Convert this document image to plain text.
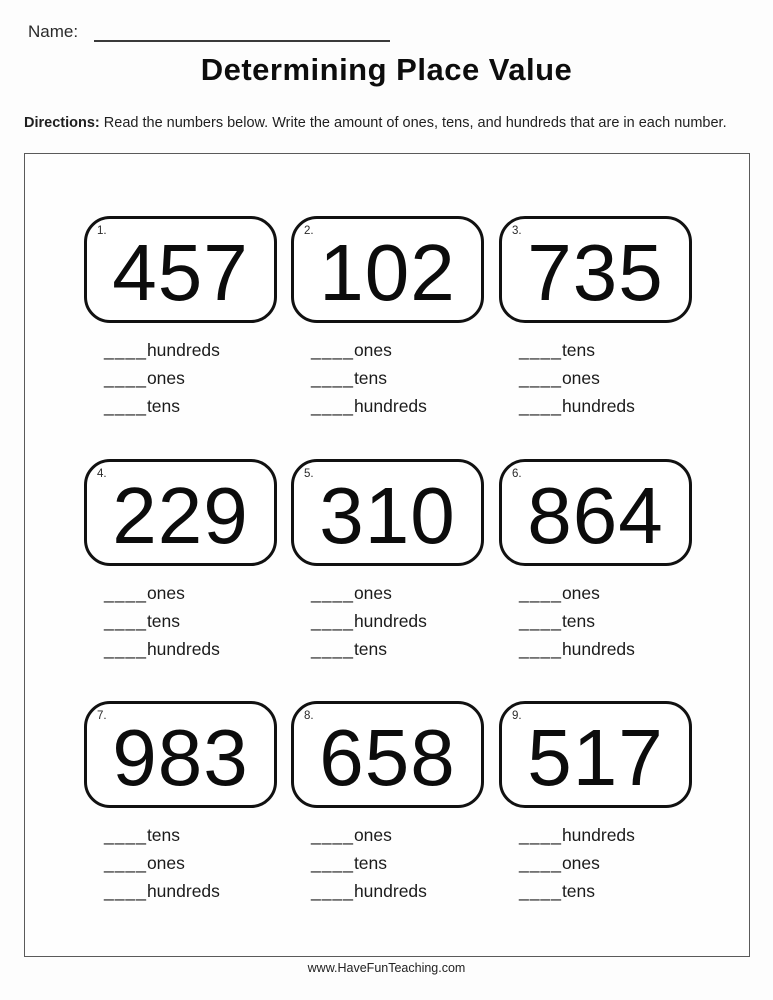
Name:
Determining Place Value

Directions: Read the numbers below. Write the amount of ones, tens, and hundreds that are in each number.

1. 457
____hundreds
____ones
____tens
2. 102
____ones
____tens
____hundreds
3. 735
____tens
____ones
____hundreds
4. 229
____ones
____tens
____hundreds
5. 310
____ones
____hundreds
____tens
6. 864
____ones
____tens
____hundreds
7. 983
____tens
____ones
____hundreds
8. 658
____ones
____tens
____hundreds
9. 517
____hundreds
____ones
____tens
www.HaveFunTeaching.com
